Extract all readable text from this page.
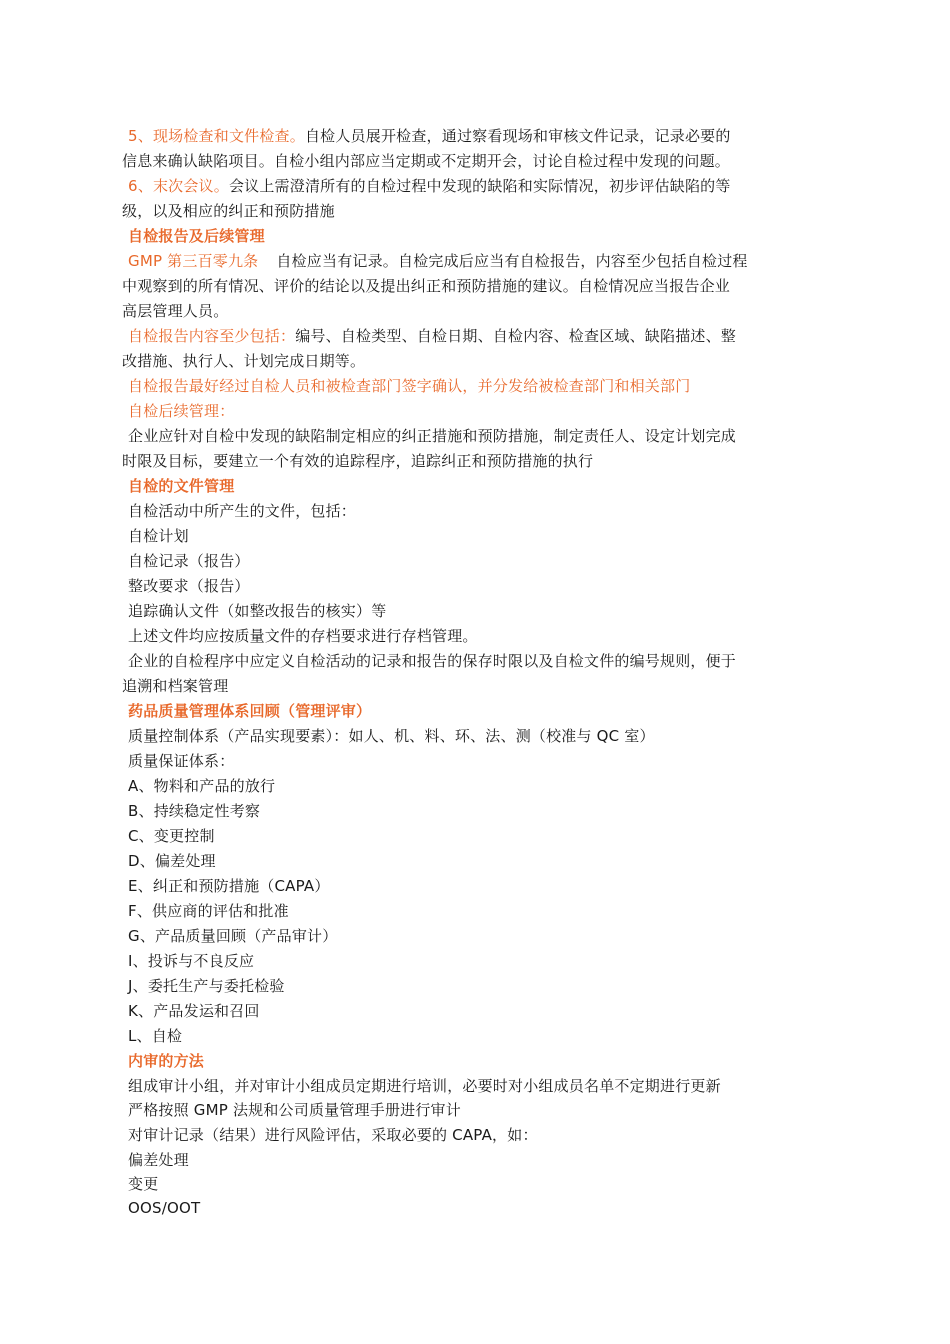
5、现场检查和文件检查。自检人员展开检查，通过察看现场和审核文件记录，记录必要的
信息来确认缺陷项目。自检小组内部应当定期或不定期开会，讨论自检过程中发现的问题。
6、末次会议。会议上需澄清所有的自检过程中发现的缺陷和实际情况，初步评估缺陷的等
级，以及相应的纠正和预防措施
自检报告及后续管理
GMP 第三百零九条 自检应当有记录。自检完成后应当有自检报告，内容至少包括自检过程
中观察到的所有情况、评价的结论以及提出纠正和预防措施的建议。自检情况应当报告企业
高层管理人员。
自检报告内容至少包括：编号、自检类型、自检日期、自检内容、检查区域、缺陷描述、整
改措施、执行人、计划完成日期等。
自检报告最好经过自检人员和被检查部门签字确认，并分发给被检查部门和相关部门
自检后续管理：
企业应针对自检中发现的缺陷制定相应的纠正措施和预防措施，制定责任人、设定计划完成
时限及目标，要建立一个有效的追踪程序，追踪纠正和预防措施的执行
自检的文件管理
自检活动中所产生的文件，包括：
自检计划
自检记录（报告）
整改要求（报告）
追踪确认文件（如整改报告的核实）等
上述文件均应按质量文件的存档要求进行存档管理。
企业的自检程序中应定义自检活动的记录和报告的保存时限以及自检文件的编号规则，便于
追溯和档案管理
药品质量管理体系回顾（管理评审）
质量控制体系（产品实现要素）：如人、机、料、环、法、测（校准与 QC 室）
质量保证体系：
A、物料和产品的放行
B、持续稳定性考察
C、变更控制
D、偏差处理
E、纠正和预防措施（CAPA）
F、供应商的评估和批准
G、产品质量回顾（产品审计）
I、投诉与不良反应
J、委托生产与委托检验
K、产品发运和召回
L、自检
内审的方法
组成审计小组，并对审计小组成员定期进行培训，必要时对小组成员名单不定期进行更新
严格按照 GMP 法规和公司质量管理手册进行审计
对审计记录（结果）进行风险评估，采取必要的 CAPA，如：
偏差处理
变更
OOS/OOT
